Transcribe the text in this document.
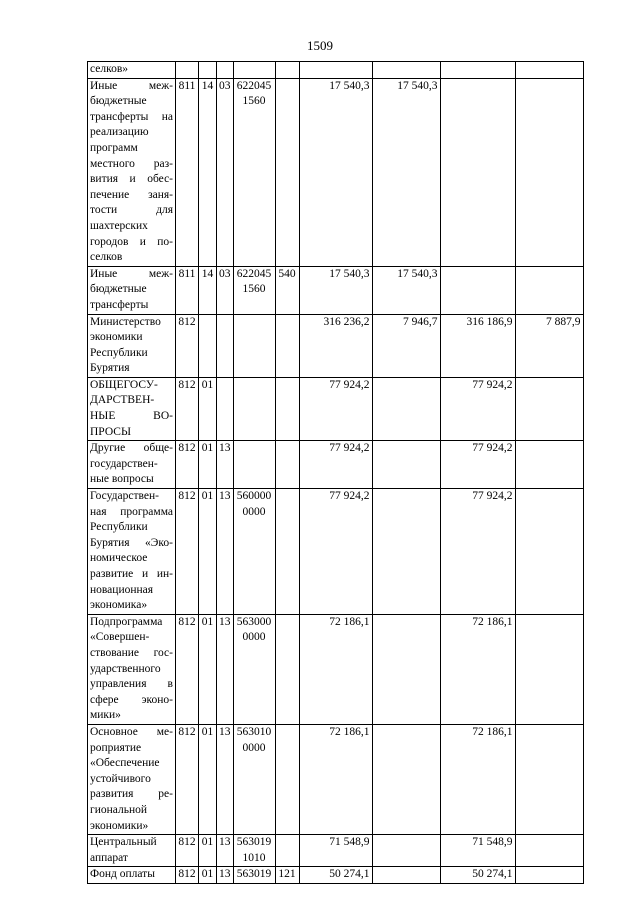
1509
селков»									
Иные меж-бюджетные трансферты на реализацию программ местного раз-вития и обес-печение заня-тости для шахтерских городов и по-селков	811	14	03	622045 1560		17 540,3	17 540,3		
Иные меж-бюджетные трансферты	811	14	03	622045 1560	540	17 540,3	17 540,3		
Министерство экономики Республики Бурятия	812					316 236,2	7 946,7	316 186,9	7 887,9
ОБЩЕГОСУ-ДАРСТВЕН-НЫЕ ВО-ПРОСЫ	812	01				77 924,2		77 924,2	
Другие обще-государствен-ные вопросы	812	01	13			77 924,2		77 924,2	
Государствен-ная программа Республики Бурятия «Эко-номическое развитие и ин-новационная экономика»	812	01	13	560000 0000		77 924,2		77 924,2	
Подпрограмма «Совершен-ствование гос-ударственного управления в сфере эконо-мики»	812	01	13	563000 0000		72 186,1		72 186,1	
Основное ме-роприятие «Обеспечение устойчивого развития ре-гиональной экономики»	812	01	13	563010 0000		72 186,1		72 186,1	
Центральный аппарат	812	01	13	563019 1010		71 548,9		71 548,9	
Фонд оплаты	812	01	13	563019	121	50 274,1		50 274,1	
